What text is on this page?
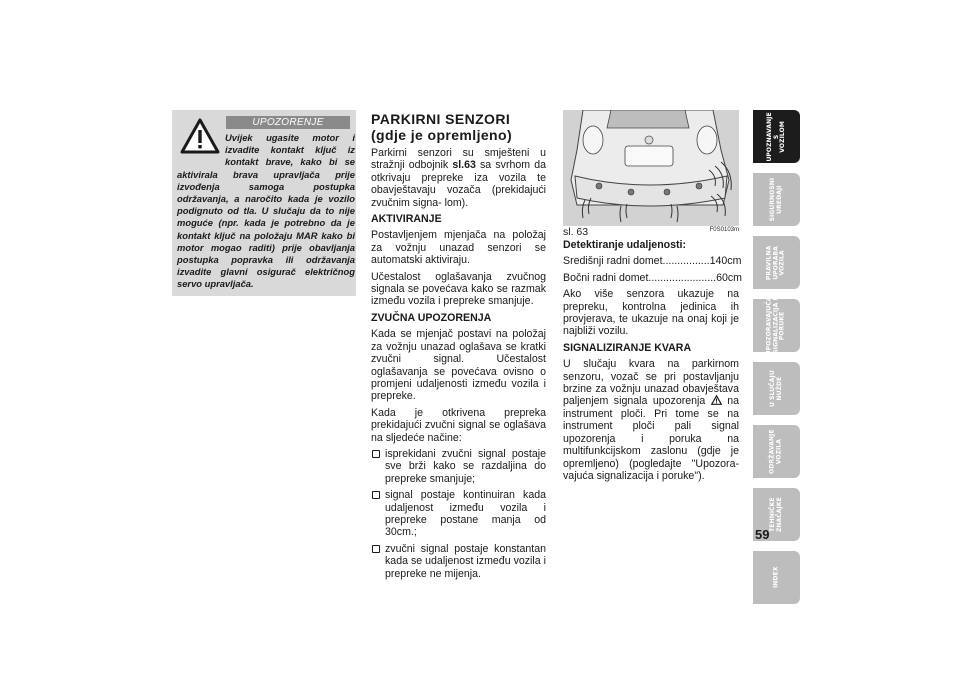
UPOZORENJE

Uvijek ugasite motor i izvadite kontakt ključ iz kontakt brave, kako bi se aktivirala brava upravljača prije izvođenja samoga postupka održavanja, a naročito kada je vozilo podignuto od tla. U slučaju da to nije moguće (npr. kada je potrebno da je kontakt ključ na položaju MAR kako bi motor mogao raditi) prije obavljanja postupka popravka ili održavanja izvadite glavni osigurač električnog servo upravljača.

PARKIRNI SENZORI
(gdje je opremljeno)

Parkirni senzori su smješteni u stražnji odbojnik sl.63 sa svrhom da otkrivaju prepreke iza vozila te obavještavaju vozača (prekidajući zvučnim signa- lom).

AKTIVIRANJE

Postavljenjem mjenjača na položaj za vožnju unazad senzori se automatski aktiviraju.

Učestalost oglašavanja zvučnog signala se povećava kako se razmak između vozila i prepreke smanjuje.

ZVUČNA UPOZORENJA

Kada se mjenjač postavi na položaj za vožnju unazad oglašava se kratki zvučni signal. Učestalost oglašavanja se povećava ovisno o promjeni udaljenosti između vozila i prepreke.

Kada je otkrivena prepreka prekidajući zvučni signal se oglašava na sljedeće načine:

isprekidani zvučni signal postaje sve brži kako se razdaljina do prepreke smanjuje;
signal postaje kontinuiran kada udaljenost između vozila i prepreke postane manja od 30cm.;
zvučni signal postaje konstantan kada se udaljenost između vozila i prepreke ne mijenja.
sl. 63	F0S0103m

Detektiranje udaljenosti:

Središnji radni domet................140cm

Bočni radni domet.......................60cm

Ako više senzora ukazuje na prepreku, kontrolna jedinica ih provjerava, te ukazuje na onaj koji je najbliži vozilu.

SIGNALIZIRANJE KVARA

U slučaju kvara na parkirnom senzoru, vozač se pri postavljanju brzine za vožnju unazad obavještava paljenjem signala upozorenja  na instrument ploči. Pri tome se na instrument ploči pali signal upozorenja i poruka na multifunkcijskom zaslonu (gdje je opremljeno) (pogledajte "Upozora- vajuća signalizacija i poruke").

UPOZNAVANJE
S
VOZILOM
SIGURNOSNI
UREĐAJI
PRAVILNA
UPORABA
VOZILA
UPOZORAVAJUĆA
SIGNALIZACIJA I
PORUKE
U SLUČAJU
NUŽDE
ODRŽAVANJE
VOZILA
TEHNIČKE
ZNAČAJKE
INDEX
59
